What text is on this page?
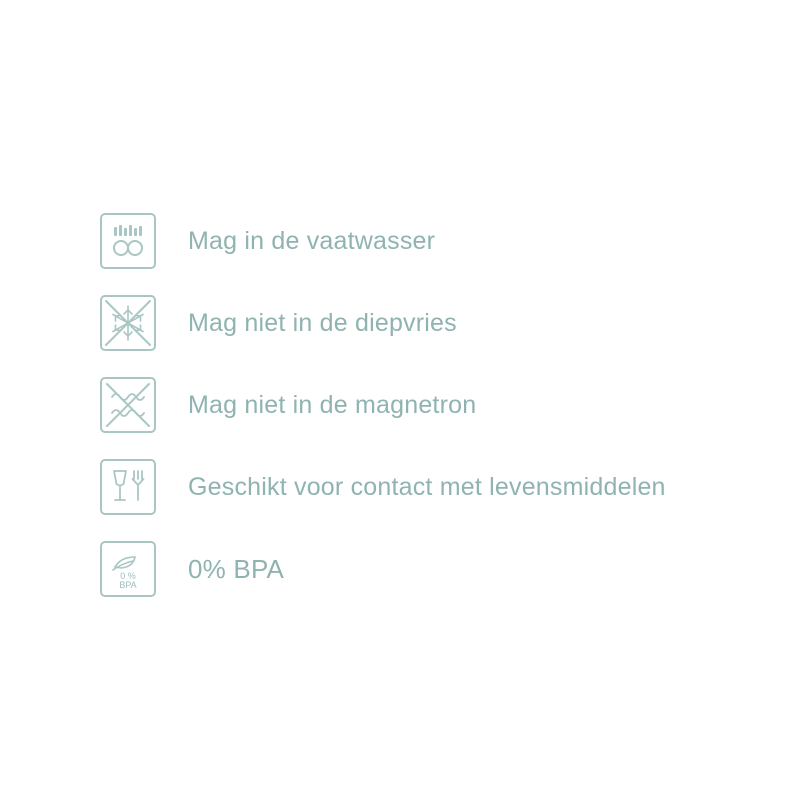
Mag in de vaatwasser
Mag niet in de diepvries
Mag niet in de magnetron
Geschikt voor contact met levensmiddelen
0 %
BPA
0% BPA
